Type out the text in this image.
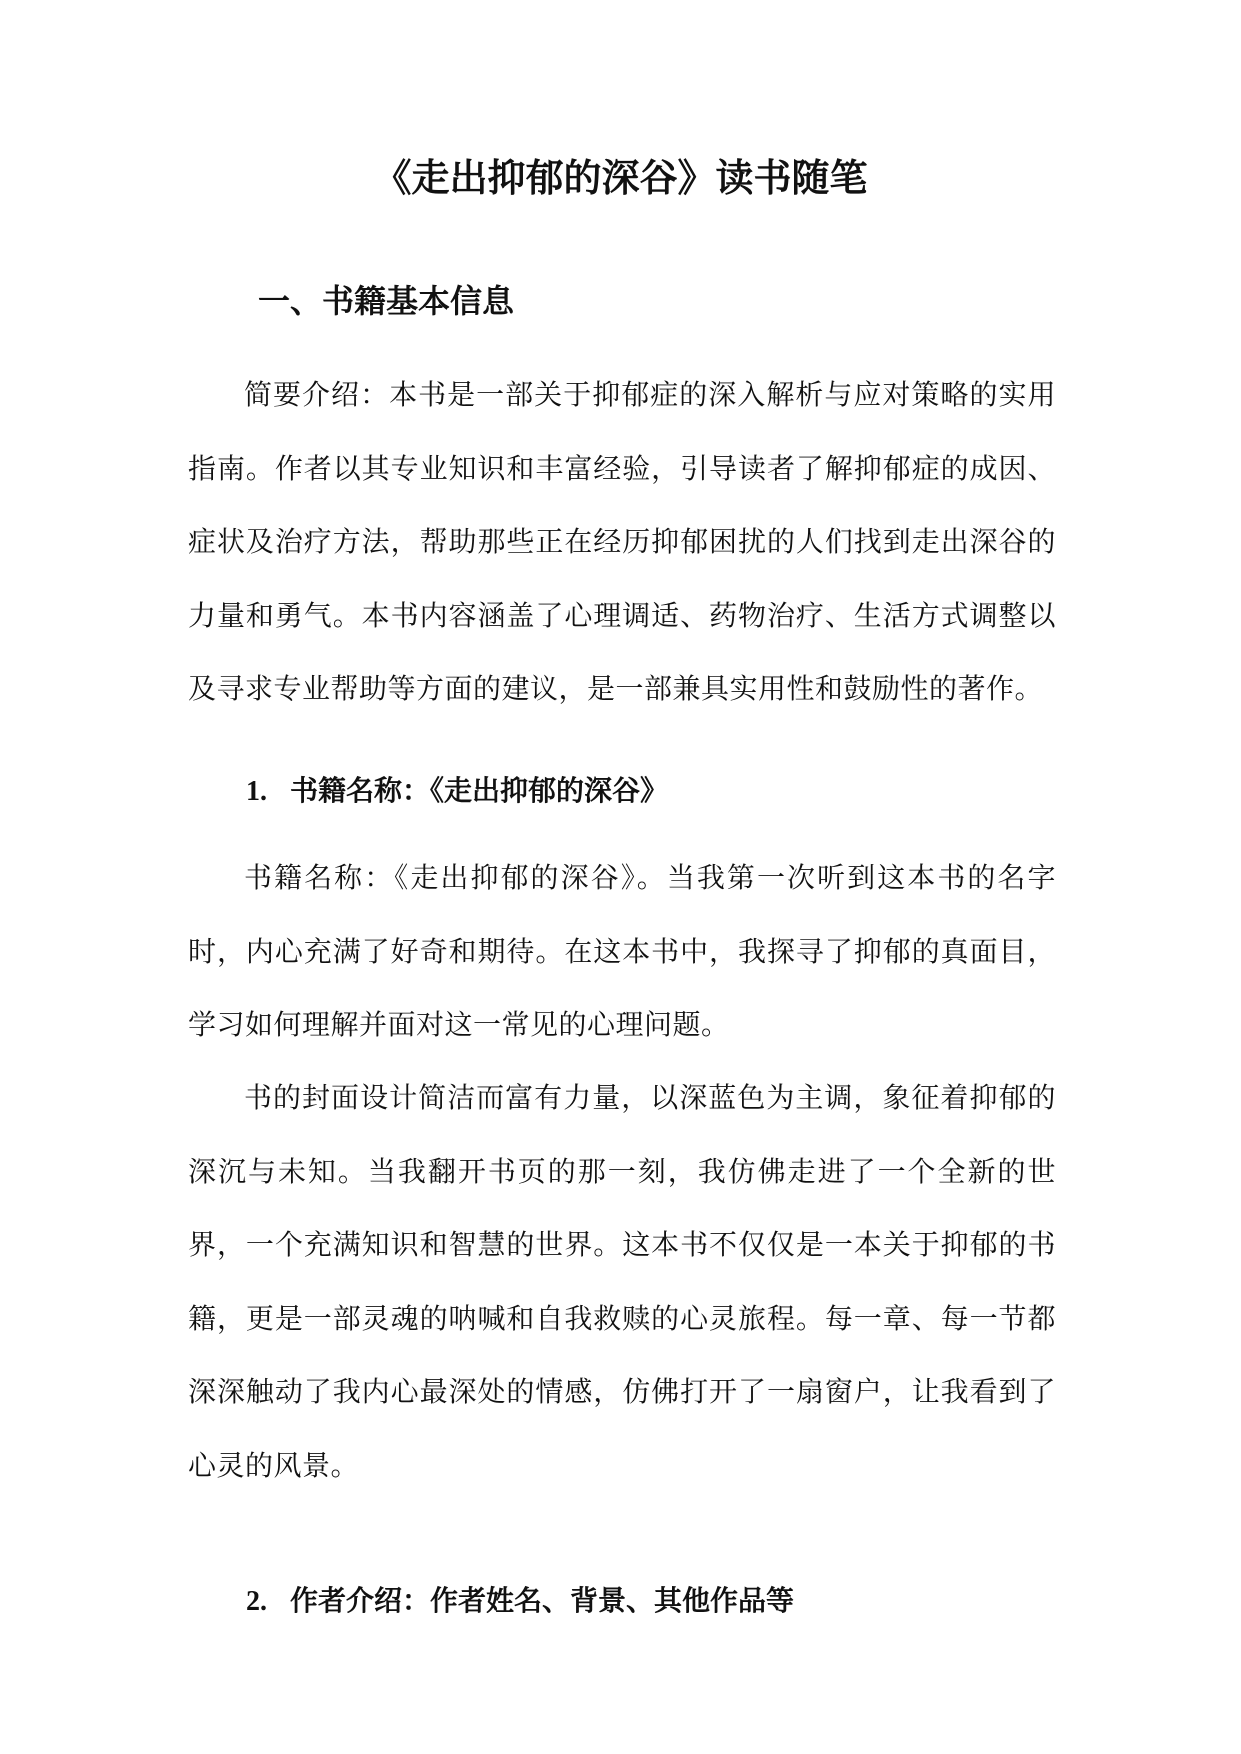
《走出抑郁的深谷》读书随笔
一、书籍基本信息

简要介绍：本书是一部关于抑郁症的深入解析与应对策略的实用指南。作者以其专业知识和丰富经验，引导读者了解抑郁症的成因、症状及治疗方法，帮助那些正在经历抑郁困扰的人们找到走出深谷的力量和勇气。本书内容涵盖了心理调适、药物治疗、生活方式调整以及寻求专业帮助等方面的建议，是一部兼具实用性和鼓励性的著作。

1. 书籍名称：《走出抑郁的深谷》

书籍名称：《走出抑郁的深谷》。当我第一次听到这本书的名字时，内心充满了好奇和期待。在这本书中，我探寻了抑郁的真面目，学习如何理解并面对这一常见的心理问题。

书的封面设计简洁而富有力量，以深蓝色为主调，象征着抑郁的深沉与未知。当我翻开书页的那一刻，我仿佛走进了一个全新的世界，一个充满知识和智慧的世界。这本书不仅仅是一本关于抑郁的书籍，更是一部灵魂的呐喊和自我救赎的心灵旅程。每一章、每一节都深深触动了我内心最深处的情感，仿佛打开了一扇窗户，让我看到了心灵的风景。

2. 作者介绍：作者姓名、背景、其他作品等
